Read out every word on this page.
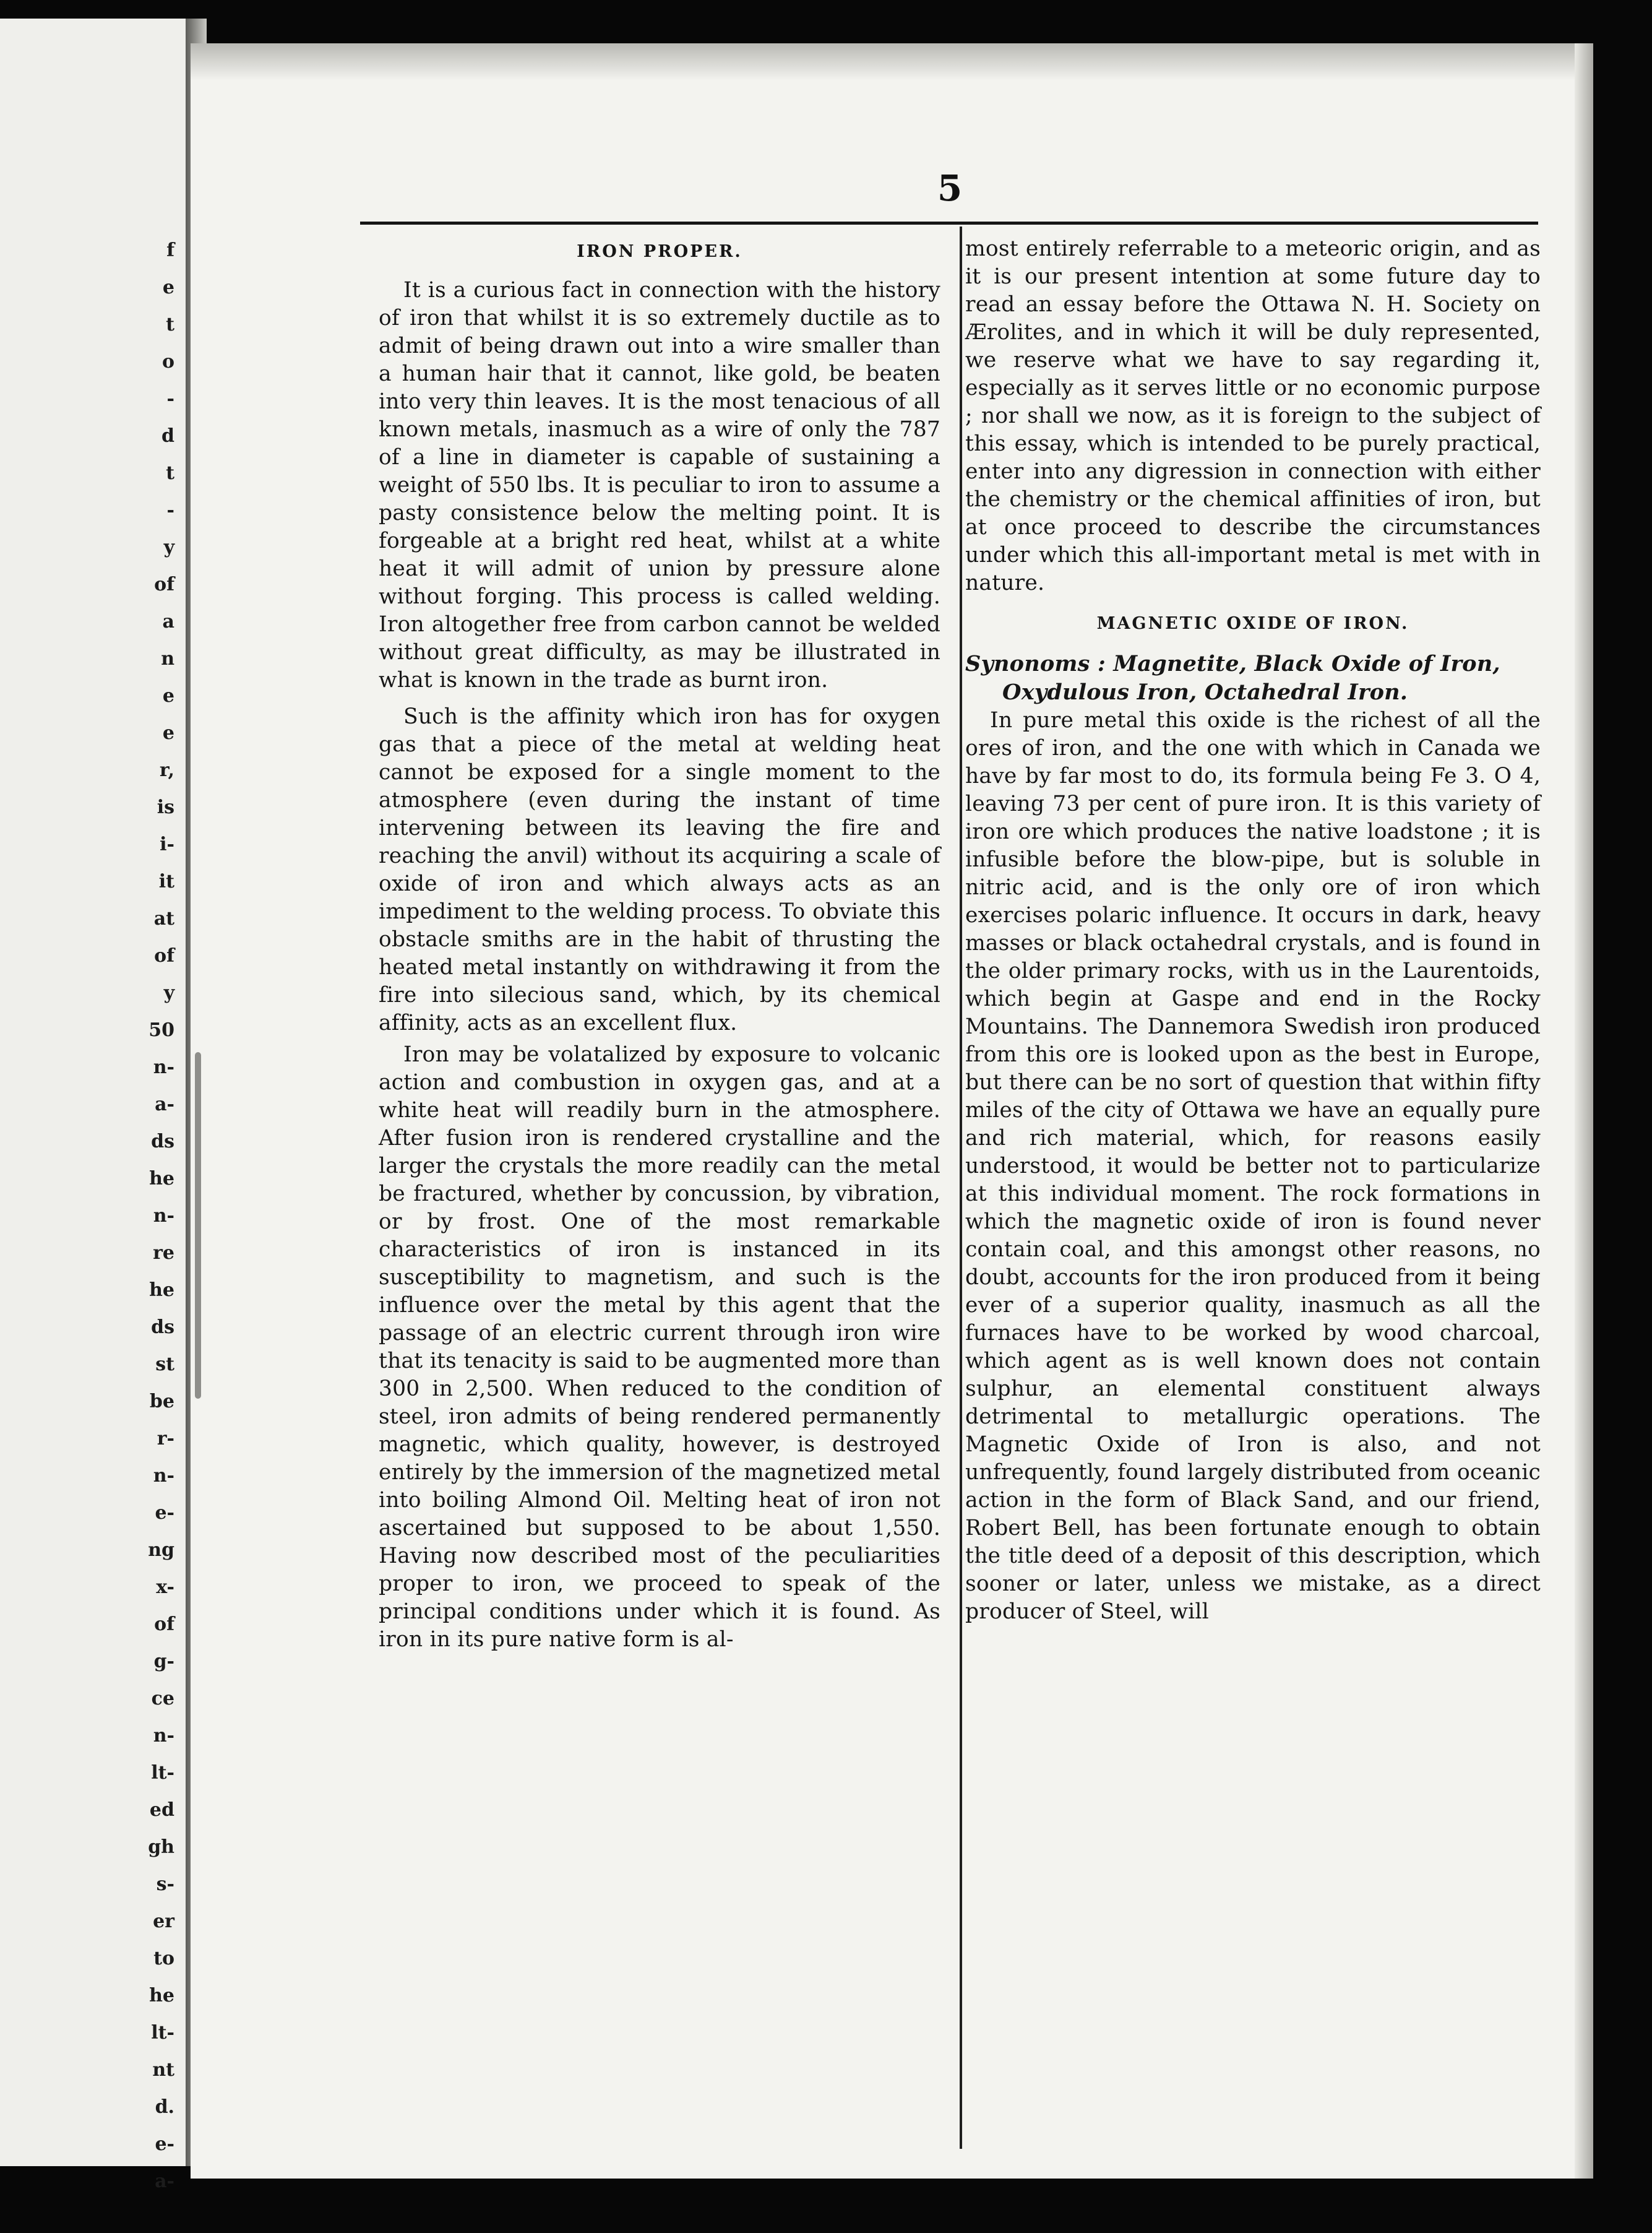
f
e
t
o
-
d
t
-
y
of
a
n
e
e
r,
is
i-
it
at
of
y
50
n-
a-
ds
he
n-
re
he
ds
st
be
r-
n-
e-
ng
x-
of
g-
ce
n-
lt-
ed
gh
s-
er
to
he
lt-
nt
d.
e-
a-
5
IRON PROPER.

It is a curious fact in connection with the history of iron that whilst it is so extremely ductile as to admit of being drawn out into a wire smaller than a human hair that it cannot, like gold, be beaten into very thin leaves. It is the most tenacious of all known metals, inasmuch as a wire of only the 787 of a line in diameter is capable of sustaining a weight of 550 lbs. It is peculiar to iron to assume a pasty consistence below the melting point. It is forgeable at a bright red heat, whilst at a white heat it will admit of union by pressure alone without forging. This process is called welding. Iron altogether free from carbon cannot be welded without great difficulty, as may be illustrated in what is known in the trade as burnt iron.

Such is the affinity which iron has for oxygen gas that a piece of the metal at welding heat cannot be exposed for a single moment to the atmosphere (even during the instant of time intervening between its leaving the fire and reaching the anvil) without its acquiring a scale of oxide of iron and which always acts as an impediment to the welding process. To obviate this obstacle smiths are in the habit of thrusting the heated metal instantly on withdrawing it from the fire into silecious sand, which, by its chemical affinity, acts as an excellent flux.

Iron may be volatalized by exposure to volcanic action and combustion in oxygen gas, and at a white heat will readily burn in the atmosphere. After fusion iron is rendered crystalline and the larger the crystals the more readily can the metal be fractured, whether by concussion, by vibration, or by frost. One of the most remarkable characteristics of iron is instanced in its susceptibility to magnetism, and such is the influence over the metal by this agent that the passage of an electric current through iron wire that its tenacity is said to be augmented more than 300 in 2,500. When reduced to the condition of steel, iron admits of being rendered permanently magnetic, which quality, however, is destroyed entirely by the immersion of the magnetized metal into boiling Almond Oil. Melting heat of iron not ascertained but supposed to be about 1,550. Having now described most of the peculiarities proper to iron, we proceed to speak of the principal conditions under which it is found. As iron in its pure native form is al-

most entirely referrable to a meteoric origin, and as it is our present intention at some future day to read an essay before the Ottawa N. H. Society on Ærolites, and in which it will be duly represented, we reserve what we have to say regarding it, especially as it serves little or no economic purpose ; nor shall we now, as it is foreign to the subject of this essay, which is intended to be purely practical, enter into any digression in connection with either the chemistry or the chemical affinities of iron, but at once proceed to describe the circumstances under which this all-important metal is met with in nature.

MAGNETIC OXIDE OF IRON.

Synonoms : Magnetite, Black Oxide of Iron,
Oxydulous Iron, Octahedral Iron.

In pure metal this oxide is the richest of all the ores of iron, and the one with which in Canada we have by far most to do, its formula being Fe 3. O 4, leaving 73 per cent of pure iron. It is this variety of iron ore which produces the native loadstone ; it is infusible before the blow-pipe, but is soluble in nitric acid, and is the only ore of iron which exercises polaric influence. It occurs in dark, heavy masses or black octahedral crystals, and is found in the older primary rocks, with us in the Laurentoids, which begin at Gaspe and end in the Rocky Mountains. The Dannemora Swedish iron produced from this ore is looked upon as the best in Europe, but there can be no sort of question that within fifty miles of the city of Ottawa we have an equally pure and rich material, which, for reasons easily understood, it would be better not to particularize at this individual moment. The rock formations in which the magnetic oxide of iron is found never contain coal, and this amongst other reasons, no doubt, accounts for the iron produced from it being ever of a superior quality, inasmuch as all the furnaces have to be worked by wood charcoal, which agent as is well known does not contain sulphur, an elemental constituent always detrimental to metallurgic operations. The Magnetic Oxide of Iron is also, and not unfrequently, found largely distributed from oceanic action in the form of Black Sand, and our friend, Robert Bell, has been fortunate enough to obtain the title deed of a deposit of this description, which sooner or later, unless we mistake, as a direct producer of Steel, will
